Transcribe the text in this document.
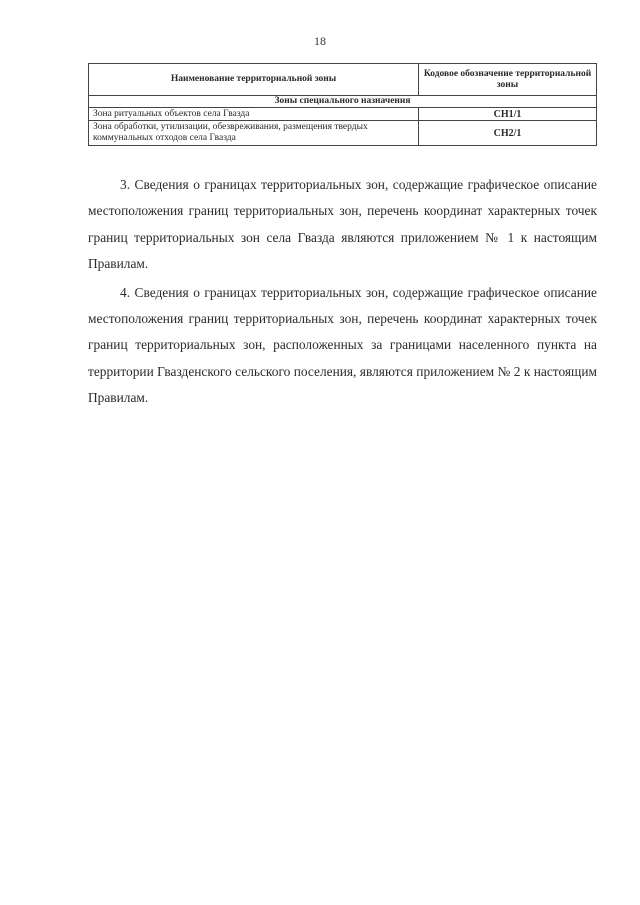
18
Наименование территориальной зоны	Кодовое обозначение территориальной зоны
Зоны специального назначения	
Зона ритуальных объектов села Гвазда	СН1/1
Зона обработки, утилизации, обезвреживания, размещения твердых коммунальных отходов села Гвазда	СН2/1

3. Сведения о границах территориальных зон, содержащие графическое описание местоположения границ территориальных зон, перечень координат характерных точек границ территориальных зон села Гвазда являются приложением № 1 к настоящим Правилам.

4. Сведения о границах территориальных зон, содержащие графическое описание местоположения границ территориальных зон, перечень координат характерных точек границ территориальных зон, расположенных за границами населенного пункта на территории Гвазденского сельского поселения, являются приложением № 2 к настоящим Правилам.
